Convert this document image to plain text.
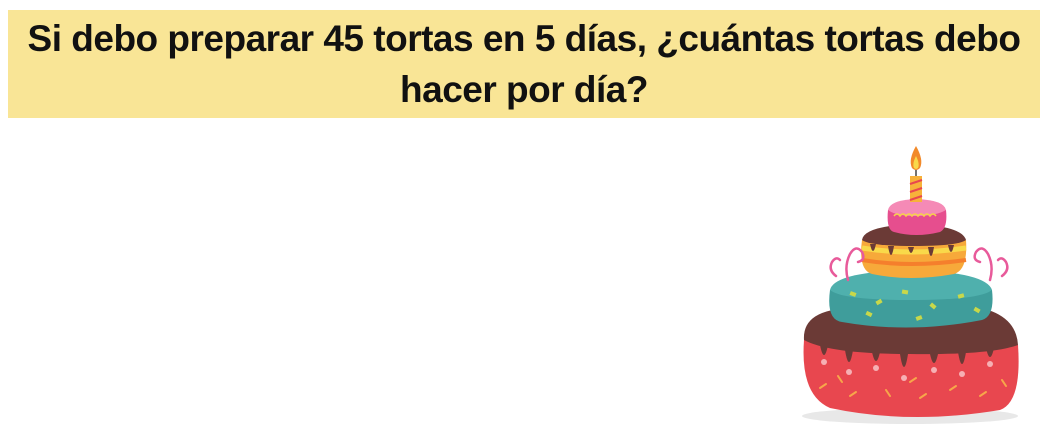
Si debo preparar 45 tortas en 5 días, ¿cuántas tortas debo hacer por día?
